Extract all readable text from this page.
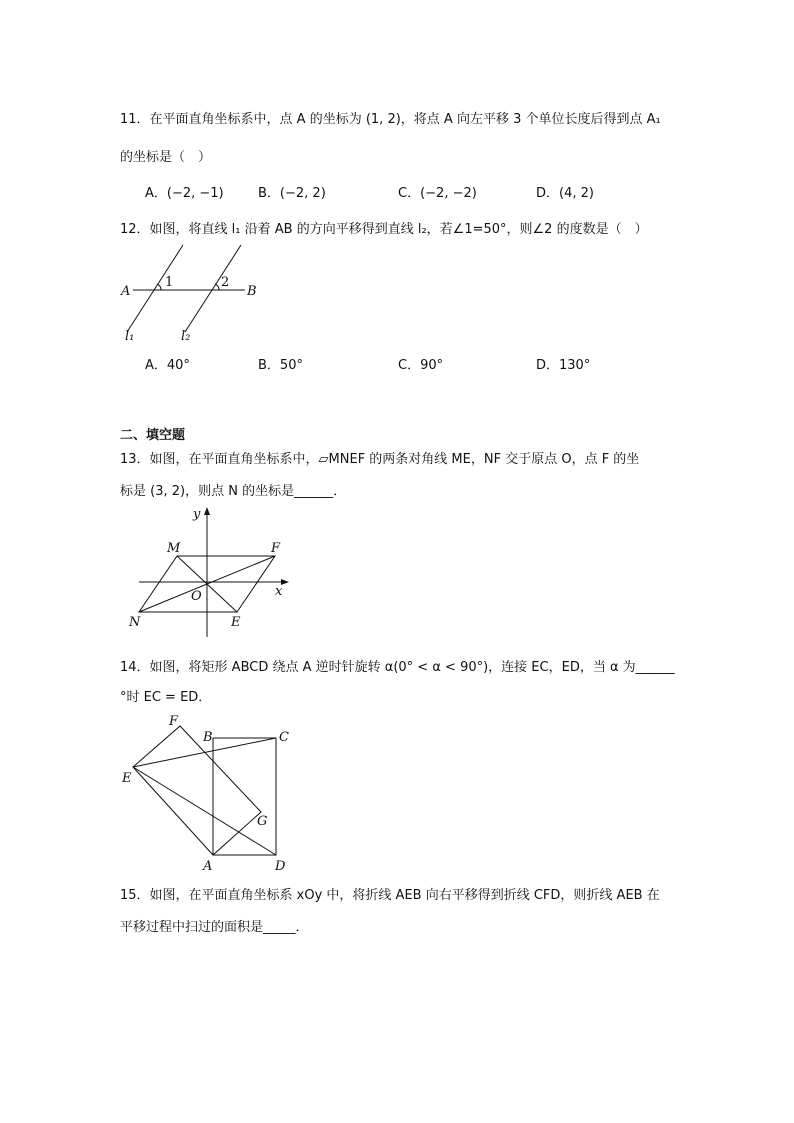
11．在平面直角坐标系中，点 A 的坐标为 (1, 2)，将点 A 向左平移 3 个单位长度后得到点 A₁
的坐标是（　）
A．(−2, −1)	B．(−2, 2)	C．(−2, −2)	D．(4, 2)
12．如图，将直线 l₁ 沿着 AB 的方向平移得到直线 l₂，若∠1=50°，则∠2 的度数是（　）
A	B
1	2
l₁	l₂
A．40°	B．50°	C．90°	D．130°
二、填空题
13．如图，在平面直角坐标系中，▱MNEF 的两条对角线 ME，NF 交于原点 O，点 F 的坐
标是 (3, 2)，则点 N 的坐标是______．
y
x
M	F
O
N	E
14．如图，将矩形 ABCD 绕点 A 逆时针旋转 α(0° < α < 90°)，连接 EC，ED，当 α 为______
°时 EC = ED．
F
B	C
E
G
A	D
15．如图，在平面直角坐标系 xOy 中，将折线 AEB 向右平移得到折线 CFD，则折线 AEB 在
平移过程中扫过的面积是_____．
